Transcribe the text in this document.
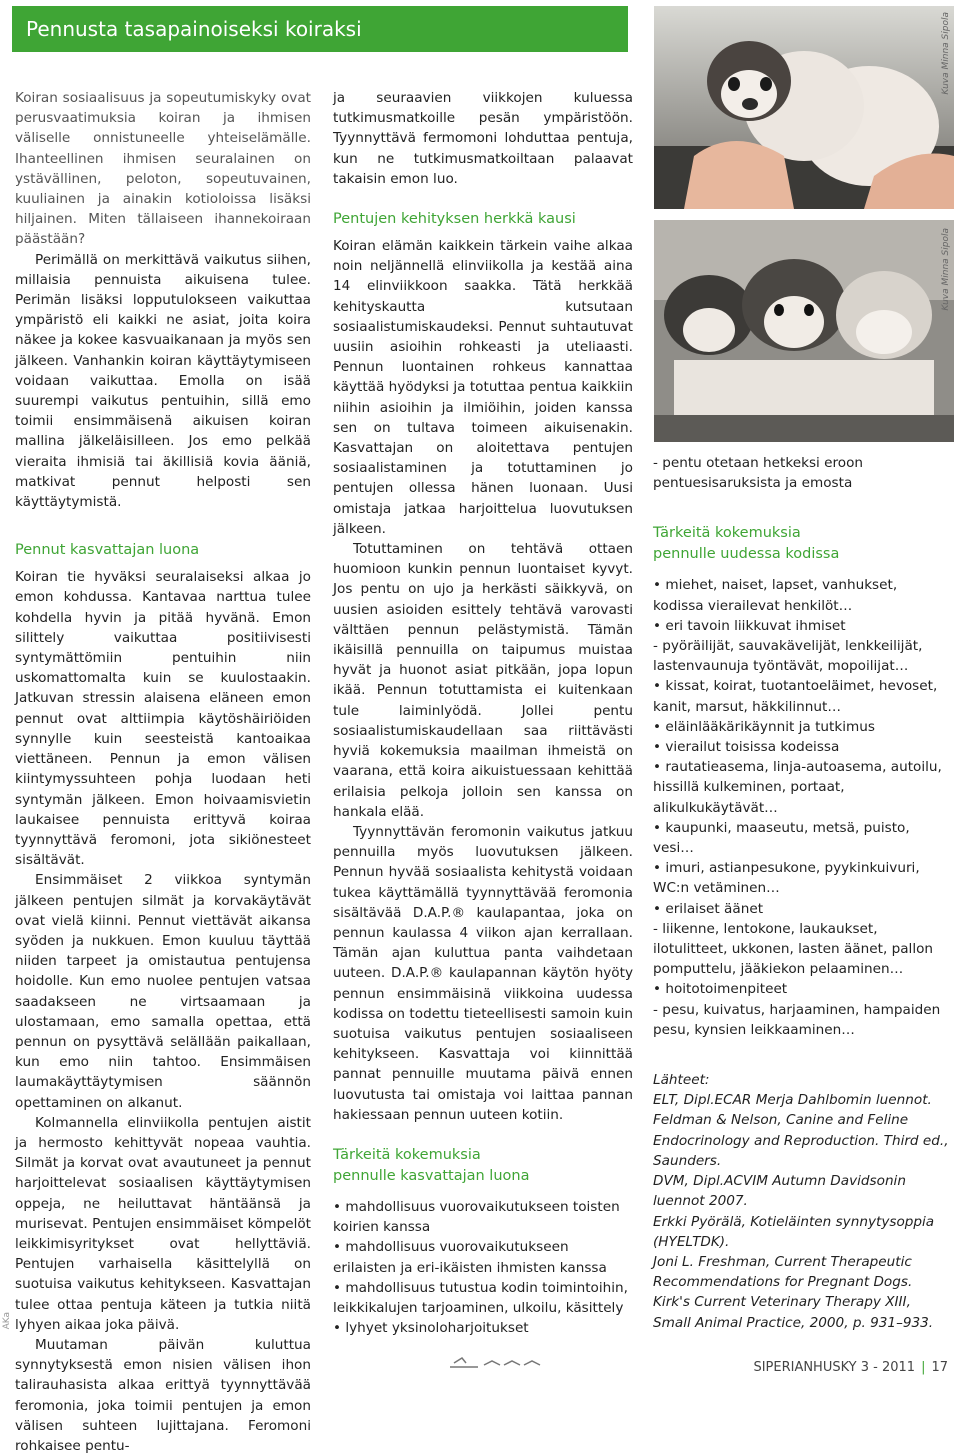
Pennusta tasapainoiseksi koiraksi

Koiran sosiaalisuus ja sopeutumiskyky ovat perusvaatimuksia koiran ja ihmisen väliselle onnistuneelle yhteiselämälle. Ihanteellinen ihmisen seuralainen on ystävällinen, peloton, sopeutuvainen, kuuliainen ja ainakin kotioloissa lisäksi hiljainen. Miten tällaiseen ihannekoiraan päästään?

Perimällä on merkittävä vaikutus siihen, millaisia pennuista aikuisena tulee. Perimän lisäksi lopputulokseen vaikuttaa ympäristö eli kaikki ne asiat, joita koira näkee ja kokee kasvuaikanaan ja myös sen jälkeen. Vanhankin koiran käyttäytymiseen voidaan vaikuttaa. Emolla on isää suurempi vaikutus pentuihin, sillä emo toimii ensimmäisenä aikuisen koiran mallina jälkeläisilleen. Jos emo pelkää vieraita ihmisiä tai äkillisiä kovia ääniä, matkivat pennut helposti sen käyttäytymistä.

Pennut kasvattajan luona

Koiran tie hyväksi seuralaiseksi alkaa jo emon kohdussa. Kantavaa narttua tulee kohdella hyvin ja pitää hyvänä. Emon silittely vaikuttaa positiivisesti syntymättömiin pentuihin niin uskomattomalta kuin se kuulostaakin. Jatkuvan stressin alaisena eläneen emon pennut ovat alttiimpia käytöshäiriöiden synnylle kuin seesteistä kantoaikaa viettäneen. Pennun ja emon välisen kiintymyssuhteen pohja luodaan heti syntymän jälkeen. Emon hoivaamisvietin laukaisee pennuista erittyvä koiraa tyynnyttävä feromoni, jota sikiönesteet sisältävät.

Ensimmäiset 2 viikkoa syntymän jälkeen pentujen silmät ja korvakäytävät ovat vielä kiinni. Pennut viettävät aikansa syöden ja nukkuen. Emon kuuluu täyttää niiden tarpeet ja omistautua pentujensa hoidolle. Kun emo nuolee pentujen vatsaa saadakseen ne virtsaamaan ja ulostamaan, emo samalla opettaa, että pennun on pysyttävä selällään paikallaan, kun emo niin tahtoo. Ensimmäisen laumakäyttäytymisen säännön opettaminen on alkanut.

Kolmannella elinviikolla pentujen aistit ja hermosto kehittyvät nopeaa vauhtia. Silmät ja korvat ovat avautuneet ja pennut harjoittelevat sosiaalisen käyttäytymisen oppeja, ne heiluttavat häntäänsä ja murisevat. Pentujen ensimmäiset kömpelöt leikkimisyritykset ovat hellyttäviä. Pentujen varhaisella käsittelyllä on suotuisa vaikutus kehitykseen. Kasvattajan tulee ottaa pentuja käteen ja tutkia niitä lyhyen aikaa joka päivä.

Muutaman päivän kuluttua synnytyksestä emon nisien välisen ihon talirauhasista alkaa erittyä tyynnyttävää feromonia, joka toimii pentujen ja emon välisen suhteen lujittajana. Feromoni rohkaisee pentu-

ja seuraavien viikkojen kuluessa tutkimusmatkoille pesän ympäristöön. Tyynnyttävä fermomoni lohduttaa pentuja, kun ne tutkimusmatkoiltaan palaavat takaisin emon luo.

Pentujen kehityksen herkkä kausi

Koiran elämän kaikkein tärkein vaihe alkaa noin neljännellä elinviikolla ja kestää aina 14 elinviikkoon saakka. Tätä herkkää kehityskautta kutsutaan sosiaalistumiskaudeksi. Pennut suhtautuvat uusiin asioihin rohkeasti ja uteliaasti. Pennun luontainen rohkeus kannattaa käyttää hyödyksi ja totuttaa pentua kaikkiin niihin asioihin ja ilmiöihin, joiden kanssa sen on tultava toimeen aikuisenakin. Kasvattajan on aloitettava pentujen sosiaalistaminen ja totuttaminen jo pentujen ollessa hänen luonaan. Uusi omistaja jatkaa harjoittelua luovutuksen jälkeen.

Totuttaminen on tehtävä ottaen huomioon kunkin pennun luontaiset kyvyt. Jos pentu on ujo ja herkästi säikkyvä, on uusien asioiden esittely tehtävä varovasti välttäen pennun pelästymistä. Tämän ikäisillä pennuilla on taipumus muistaa hyvät ja huonot asiat pitkään, jopa lopun ikää. Pennun totuttamista ei kuitenkaan tule laiminlyödä. Jollei pentu sosiaalistumiskaudellaan saa riittävästi hyviä kokemuksia maailman ihmeistä on vaarana, että koira aikuistuessaan kehittää erilaisia pelkoja jolloin sen kanssa on hankala elää.

Tyynnyttävän feromonin vaikutus jatkuu pennuilla myös luovutuksen jälkeen. Pennun hyvää sosiaalista kehitystä voidaan tukea käyttämällä tyynnyttävää feromonia sisältävää D.A.P.® kaulapantaa, joka on pennun kaulassa 4 viikon ajan kerrallaan. Tämän ajan kuluttua panta vaihdetaan uuteen. D.A.P.® kaulapannan käytön hyöty pennun ensimmäisinä viikkoina uudessa kodissa on todettu tieteellisesti samoin kuin suotuisa vaikutus pentujen sosiaaliseen kehitykseen. Kasvattaja voi kiinnittää pannat pennuille muutama päivä ennen luovutusta tai omistaja voi laittaa pannan hakiessaan pennun uuteen kotiin.

Tärkeitä kokemuksia

pennulle kasvattajan luona

• mahdollisuus vuorovaikutukseen toisten koirien kanssa

• mahdollisuus vuorovaikutukseen erilaisten ja eri-ikäisten ihmisten kanssa

• mahdollisuus tutustua kodin toimintoihin, leikkikalujen tarjoaminen, ulkoilu, käsittely

• lyhyet yksinoloharjoitukset

Kuva Minna Sipola
Kuva Minna Sipola

- pentu otetaan hetkeksi eroon pentuesisaruksista ja emosta

Tärkeitä kokemuksia

pennulle uudessa kodissa

• miehet, naiset, lapset, vanhukset, kodissa vierailevat henkilöt…

• eri tavoin liikkuvat ihmiset

- pyöräilijät, sauvakävelijät, lenkkeilijät, lastenvaunuja työntävät, mopoilijat…

• kissat, koirat, tuotantoeläimet, hevoset, kanit, marsut, häkkilinnut…

• eläinlääkärikäynnit ja tutkimus

• vierailut toisissa kodeissa

• rautatieasema, linja-autoasema, autoilu, hissillä kulkeminen, portaat, alikulkukäytävät…

• kaupunki, maaseutu, metsä, puisto, vesi…

• imuri, astianpesukone, pyykinkuivuri, WC:n vetäminen…

• erilaiset äänet

- liikenne, lentokone, laukaukset, ilotulitteet, ukkonen, lasten äänet, pallon pomputtelu, jääkiekon pelaaminen…

• hoitotoimenpiteet

- pesu, kuivatus, harjaaminen, hampaiden pesu, kynsien leikkaaminen…

Lähteet:

ELT, Dipl.ECAR Merja Dahlbomin luennot.

Feldman & Nelson, Canine and Feline Endocrinology and Reproduction. Third ed., Saunders.

DVM, Dipl.ACVIM Autumn Davidsonin luennot 2007.

Erkki Pyörälä, Kotieläinten synnytysoppia (HYELTDK).

Joni L. Freshman, Current Therapeutic Recommendations for Pregnant Dogs. Kirk's Current Veterinary Therapy XIII, Small Animal Practice, 2000, p. 931–933.

AKa
SIPERIANHUSKY 3 - 2011 | 17
